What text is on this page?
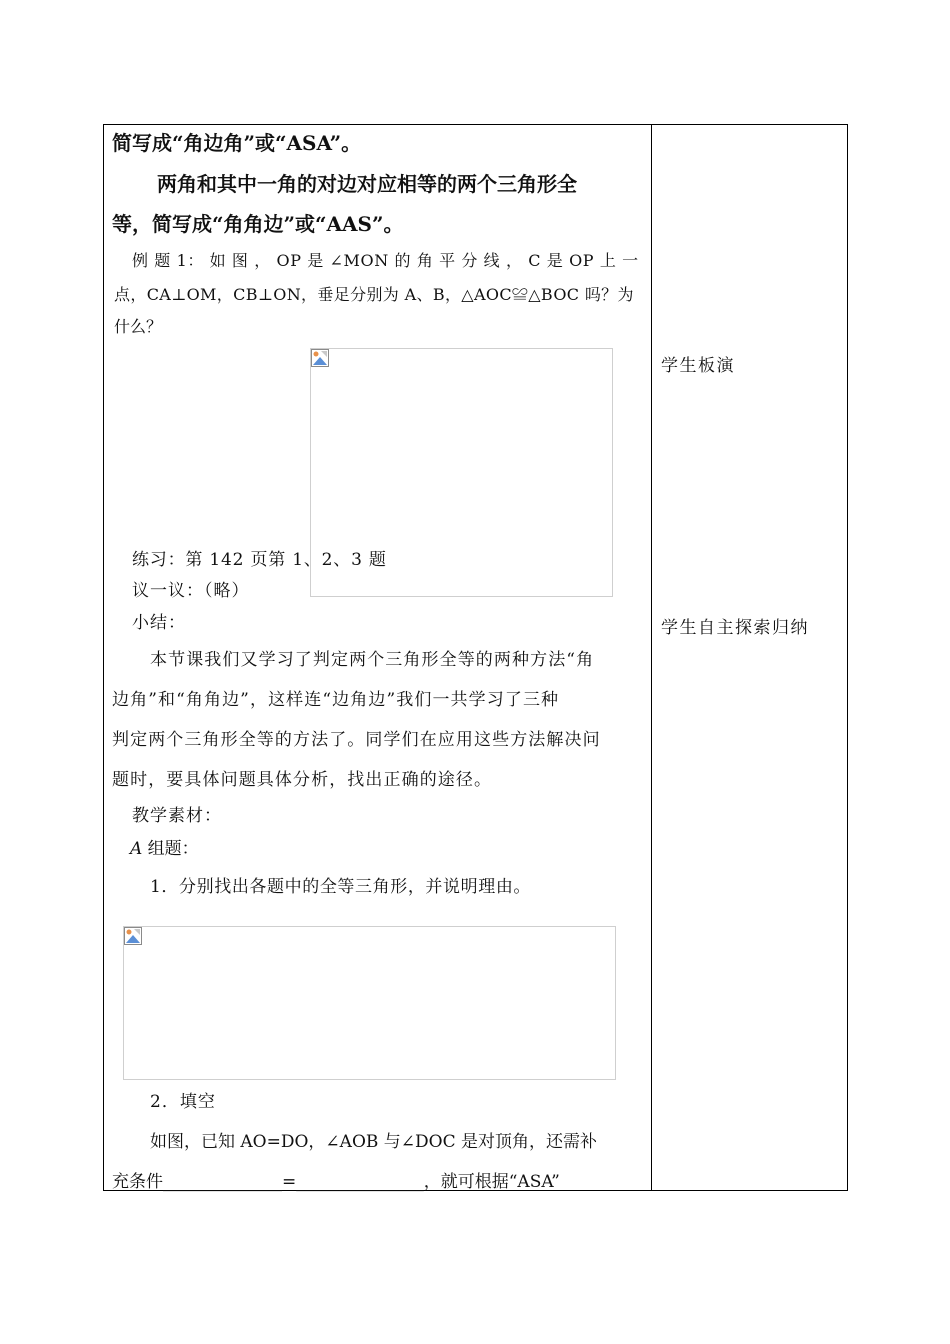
简写成“角边角”或“ASA”。
两角和其中一角的对边对应相等的两个三角形全
等，简写成“角角边”或“AAS”。
例 题 1： 如 图 ， OP 是 ∠MON 的 角 平 分 线 ， C 是 OP 上 一
点，CA⊥OM，CB⊥ON，垂足分别为 A、B，△AOC≌△BOC 吗？为
什么？
练习：第 142 页第 1、2、3 题
议一议：（略）
小结：
本节课我们又学习了判定两个三角形全等的两种方法“角
边角”和“角角边”，这样连“边角边”我们一共学习了三种
判定两个三角形全等的方法了。同学们在应用这些方法解决问
题时，要具体问题具体分析，找出正确的途径。
教学素材：
A 组题：
1．分别找出各题中的全等三角形，并说明理由。
2．填空
如图，已知 AO=DO，∠AOB 与∠DOC 是对顶角，还需补
充条件______________=_______________，就可根据“ASA”
学生板演
学生自主探索归纳
